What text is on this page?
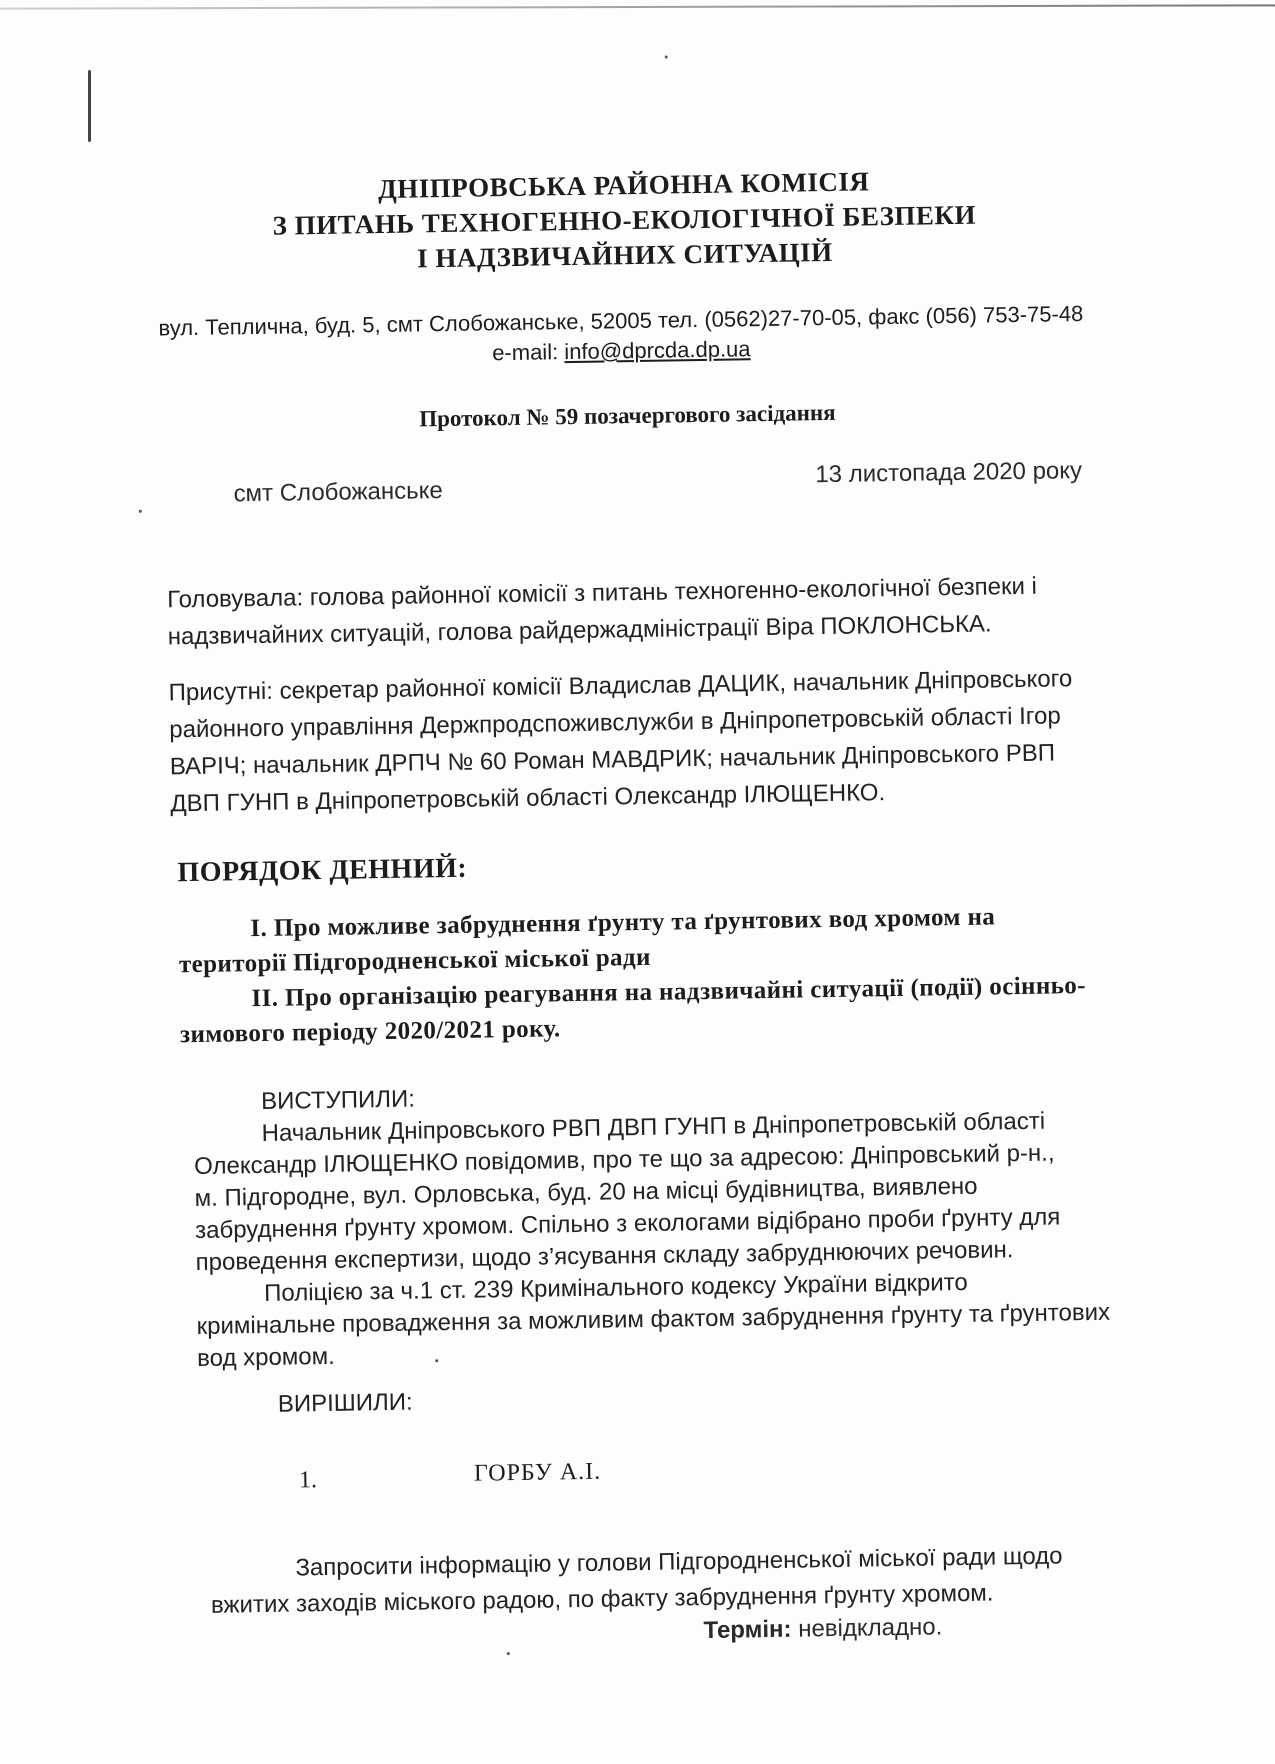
ДНІПРОВСЬКА РАЙОННА КОМІСІЯ
З ПИТАНЬ ТЕХНОГЕННО-ЕКОЛОГІЧНОЇ БЕЗПЕКИ
І НАДЗВИЧАЙНИХ СИТУАЦІЙ
вул. Теплична, буд. 5, смт Слобожанське, 52005 тел. (0562)27-70-05, факс (056) 753-75-48
e-mail: info@dprcda.dp.ua
Протокол № 59 позачергового засідання
смт Слобожанське
13 листопада 2020 року
Головувала: голова районної комісії з питань техногенно-екологічної безпеки і
надзвичайних ситуацій, голова райдержадміністрації Віра ПОКЛОНСЬКА.
Присутні: секретар районної комісії Владислав ДАЦИК, начальник Дніпровського
районного управління Держпродспоживслужби в Дніпропетровській області Ігор
ВАРІЧ; начальник ДРПЧ № 60 Роман МАВДРИК; начальник Дніпровського РВП
ДВП ГУНП в Дніпропетровській області Олександр ІЛЮЩЕНКО.
ПОРЯДОК ДЕННИЙ:
I. Про можливе забруднення ґрунту та ґрунтових вод хромом на
території Підгородненської міської ради
II. Про організацію реагування на надзвичайні ситуації (події) осінньо-
зимового періоду 2020/2021 року.
ВИСТУПИЛИ:
Начальник Дніпровського РВП ДВП ГУНП в Дніпропетровській області
Олександр ІЛЮЩЕНКО повідомив, про те що за адресою: Дніпровський р-н.,
м. Підгородне, вул. Орловська, буд. 20 на місці будівництва, виявлено
забруднення ґрунту хромом. Спільно з екологами відібрано проби ґрунту для
проведення експертизи, щодо з’ясування складу забруднюючих речовин.
Поліцією за ч.1 ст. 239 Кримінального кодексу України відкрито
кримінальне провадження за можливим фактом забруднення ґрунту та ґрунтових
вод хромом.
ВИРІШИЛИ:
1.	ГОРБУ А.І.
Запросити інформацію у голови Підгородненської міської ради щодо
вжитих заходів міського радою, по факту забруднення ґрунту хромом.
Термін: невідкладно.
